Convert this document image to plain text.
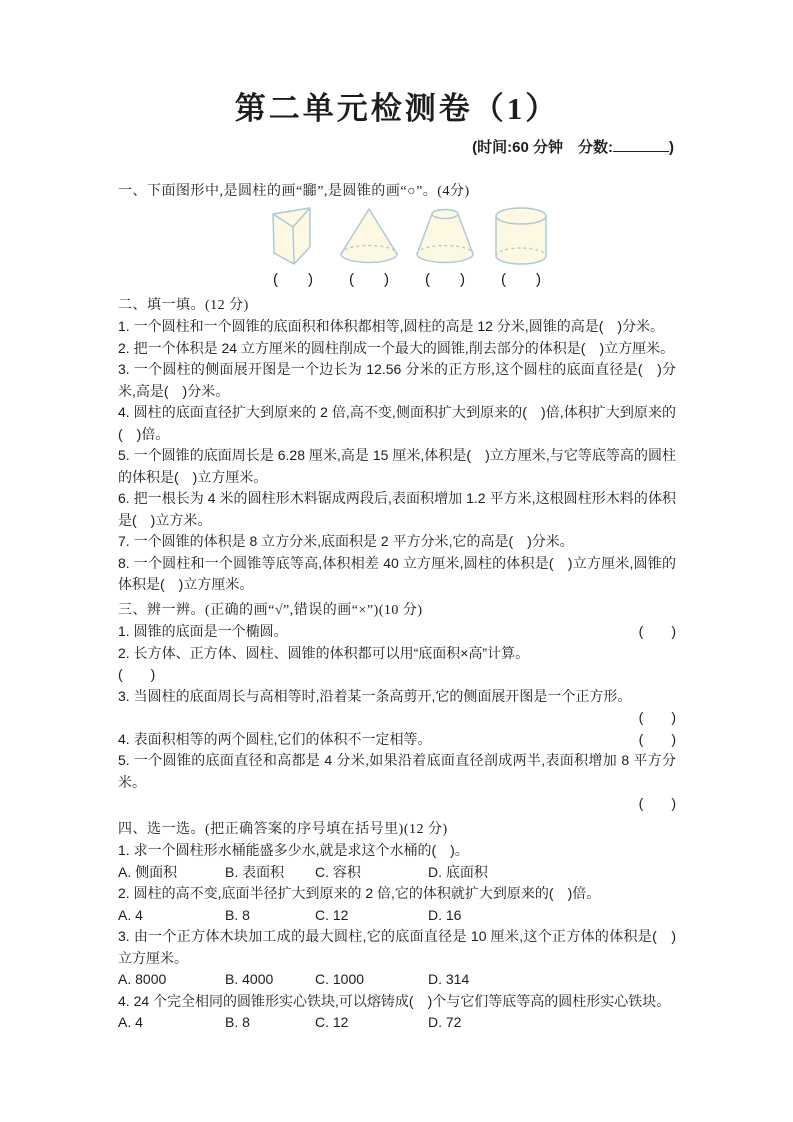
第二单元检测卷（1）
(时间:60 分钟　分数:	)
一、下面图形中,是圆柱的画“嚻”,是圆锥的画“○”。(4分)
(　　) (　　) (　　) (　　)
二、填一填。(12 分)
1. 一个圆柱和一个圆锥的底面积和体积都相等,圆柱的高是 12 分米,圆锥的高是(　)分米。
2. 把一个体积是 24 立方厘米的圆柱削成一个最大的圆锥,削去部分的体积是(　)立方厘米。
3. 一个圆柱的侧面展开图是一个边长为 12.56 分米的正方形,这个圆柱的底面直径是(　)分米,高是(　)分米。
4. 圆柱的底面直径扩大到原来的 2 倍,高不变,侧面积扩大到原来的(　)倍,体积扩大到原来的(　)倍。
5. 一个圆锥的底面周长是 6.28 厘米,高是 15 厘米,体积是(　)立方厘米,与它等底等高的圆柱的体积是(　)立方厘米。
6. 把一根长为 4 米的圆柱形木料锯成两段后,表面积增加 1.2 平方米,这根圆柱形木料的体积是(　)立方米。
7. 一个圆锥的体积是 8 立方分米,底面积是 2 平方分米,它的高是(　)分米。
8. 一个圆柱和一个圆锥等底等高,体积相差 40 立方厘米,圆柱的体积是(　)立方厘米,圆锥的体积是(　)立方厘米。
三、辨一辨。(正确的画“√”,错误的画“×”)(10 分)
1. 圆锥的底面是一个椭圆。	(　　)
2. 长方体、正方体、圆柱、圆锥的体积都可以用“底面积×高”计算。
(　　)
3. 当圆柱的底面周长与高相等时,沿着某一条高剪开,它的侧面展开图是一个正方形。
(　　)
4. 表面积相等的两个圆柱,它们的体积不一定相等。	(　　)
5. 一个圆锥的底面直径和高都是 4 分米,如果沿着底面直径剖成两半,表面积增加 8 平方分米。
(　　)
四、选一选。(把正确答案的序号填在括号里)(12 分)
1. 求一个圆柱形水桶能盛多少水,就是求这个水桶的(　)。
A. 侧面积	B. 表面积	C. 容积	D. 底面积
2. 圆柱的高不变,底面半径扩大到原来的 2 倍,它的体积就扩大到原来的(　)倍。
A. 4	B. 8	C. 12	D. 16
3. 由一个正方体木块加工成的最大圆柱,它的底面直径是 10 厘米,这个正方体的体积是(　)立方厘米。
A. 8000	B. 4000	C. 1000	D. 314
4. 24 个完全相同的圆锥形实心铁块,可以熔铸成(　)个与它们等底等高的圆柱形实心铁块。
A. 4	B. 8	C. 12	D. 72
